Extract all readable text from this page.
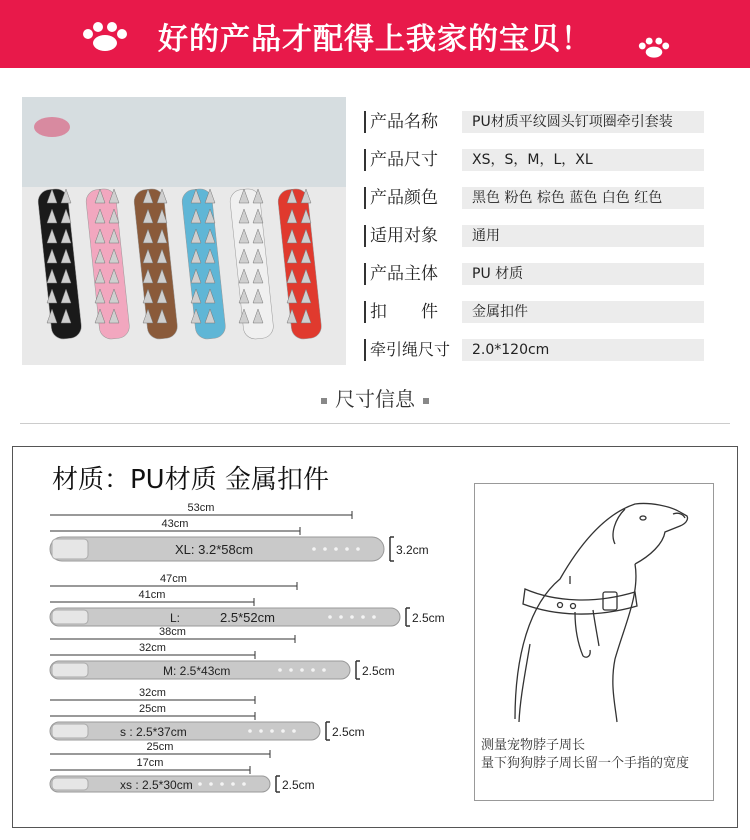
好的产品才配得上我家的宝贝！
产品名称	PU材质平纹圆头钉项圈牵引套装
产品尺寸	XS，S，M，L，XL
产品颜色	黑色 粉色 棕色 蓝色 白色 红色
适用对象	通用
产品主体	PU 材质
扣　　件	金属扣件
牵引绳尺寸	2.0*120cm
尺寸信息
材质：PU材质 金属扣件
53cm
43cm
XL: 3.2*58cm	3.2cm
47cm
41cm
L:	2.5*52cm	2.5cm
38cm
32cm
M: 2.5*43cm	2.5cm
32cm
25cm
s : 2.5*37cm	2.5cm
25cm
17cm
xs : 2.5*30cm	2.5cm
测量宠物脖子周长
量下狗狗脖子周长留一个手指的宽度
